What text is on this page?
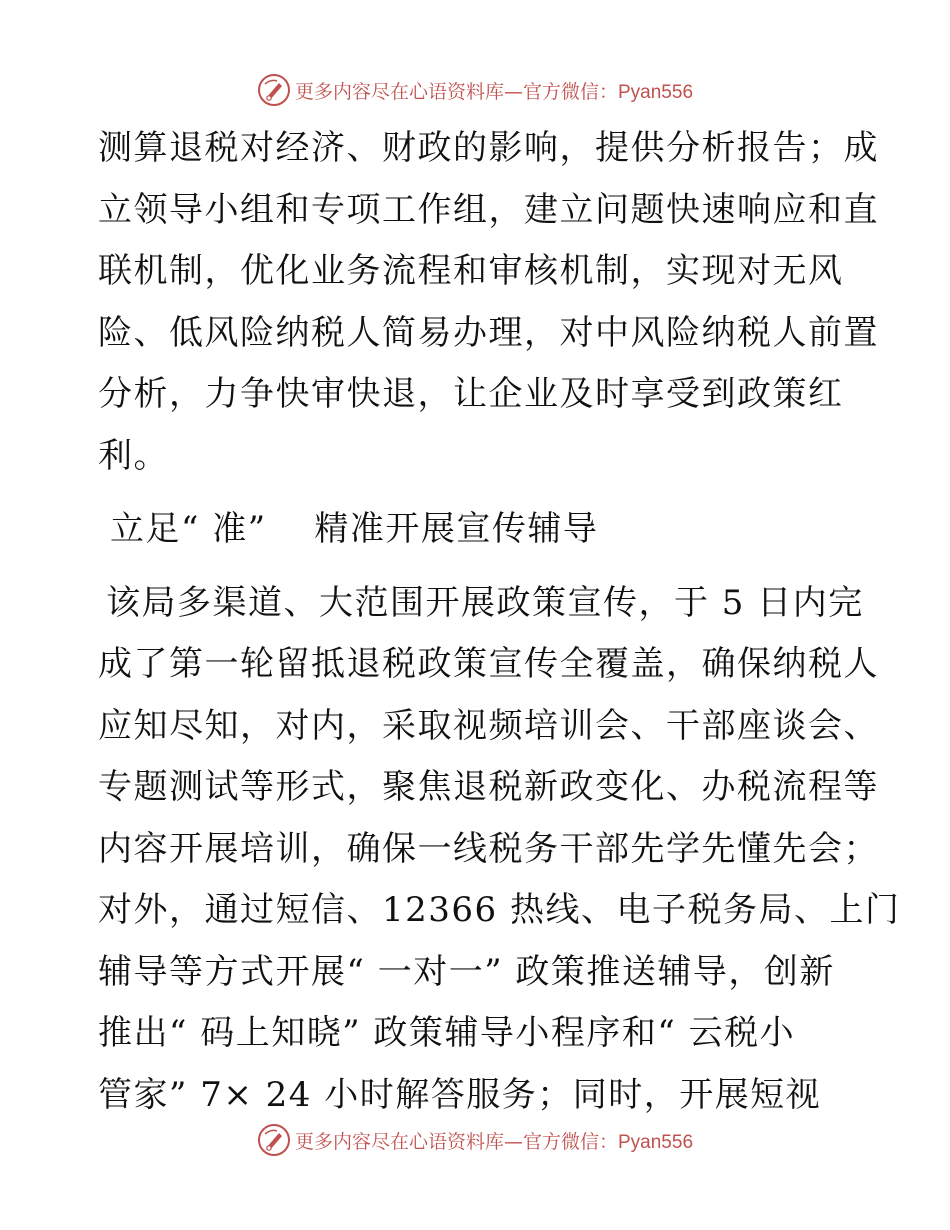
更多内容尽在心语资料库—官方微信：Pyan556
测算退税对经济、财政的影响，提供分析报告；成
立领导小组和专项工作组，建立问题快速响应和直
联机制，优化业务流程和审核机制，实现对无风
险、低风险纳税人简易办理，对中风险纳税人前置
分析，力争快审快退，让企业及时享受到政策红
利。
立足“ 准”　 精准开展宣传辅导
该局多渠道、大范围开展政策宣传，于 5 日内完
成了第一轮留抵退税政策宣传全覆盖，确保纳税人
应知尽知，对内，采取视频培训会、干部座谈会、
专题测试等形式，聚焦退税新政变化、办税流程等
内容开展培训，确保一线税务干部先学先懂先会；
对外，通过短信、12366 热线、电子税务局、上门
辅导等方式开展“ 一对一” 政策推送辅导，创新
推出“ 码上知晓” 政策辅导小程序和“ 云税小
管家” 7× 24 小时解答服务；同时，开展短视
更多内容尽在心语资料库—官方微信：Pyan556
